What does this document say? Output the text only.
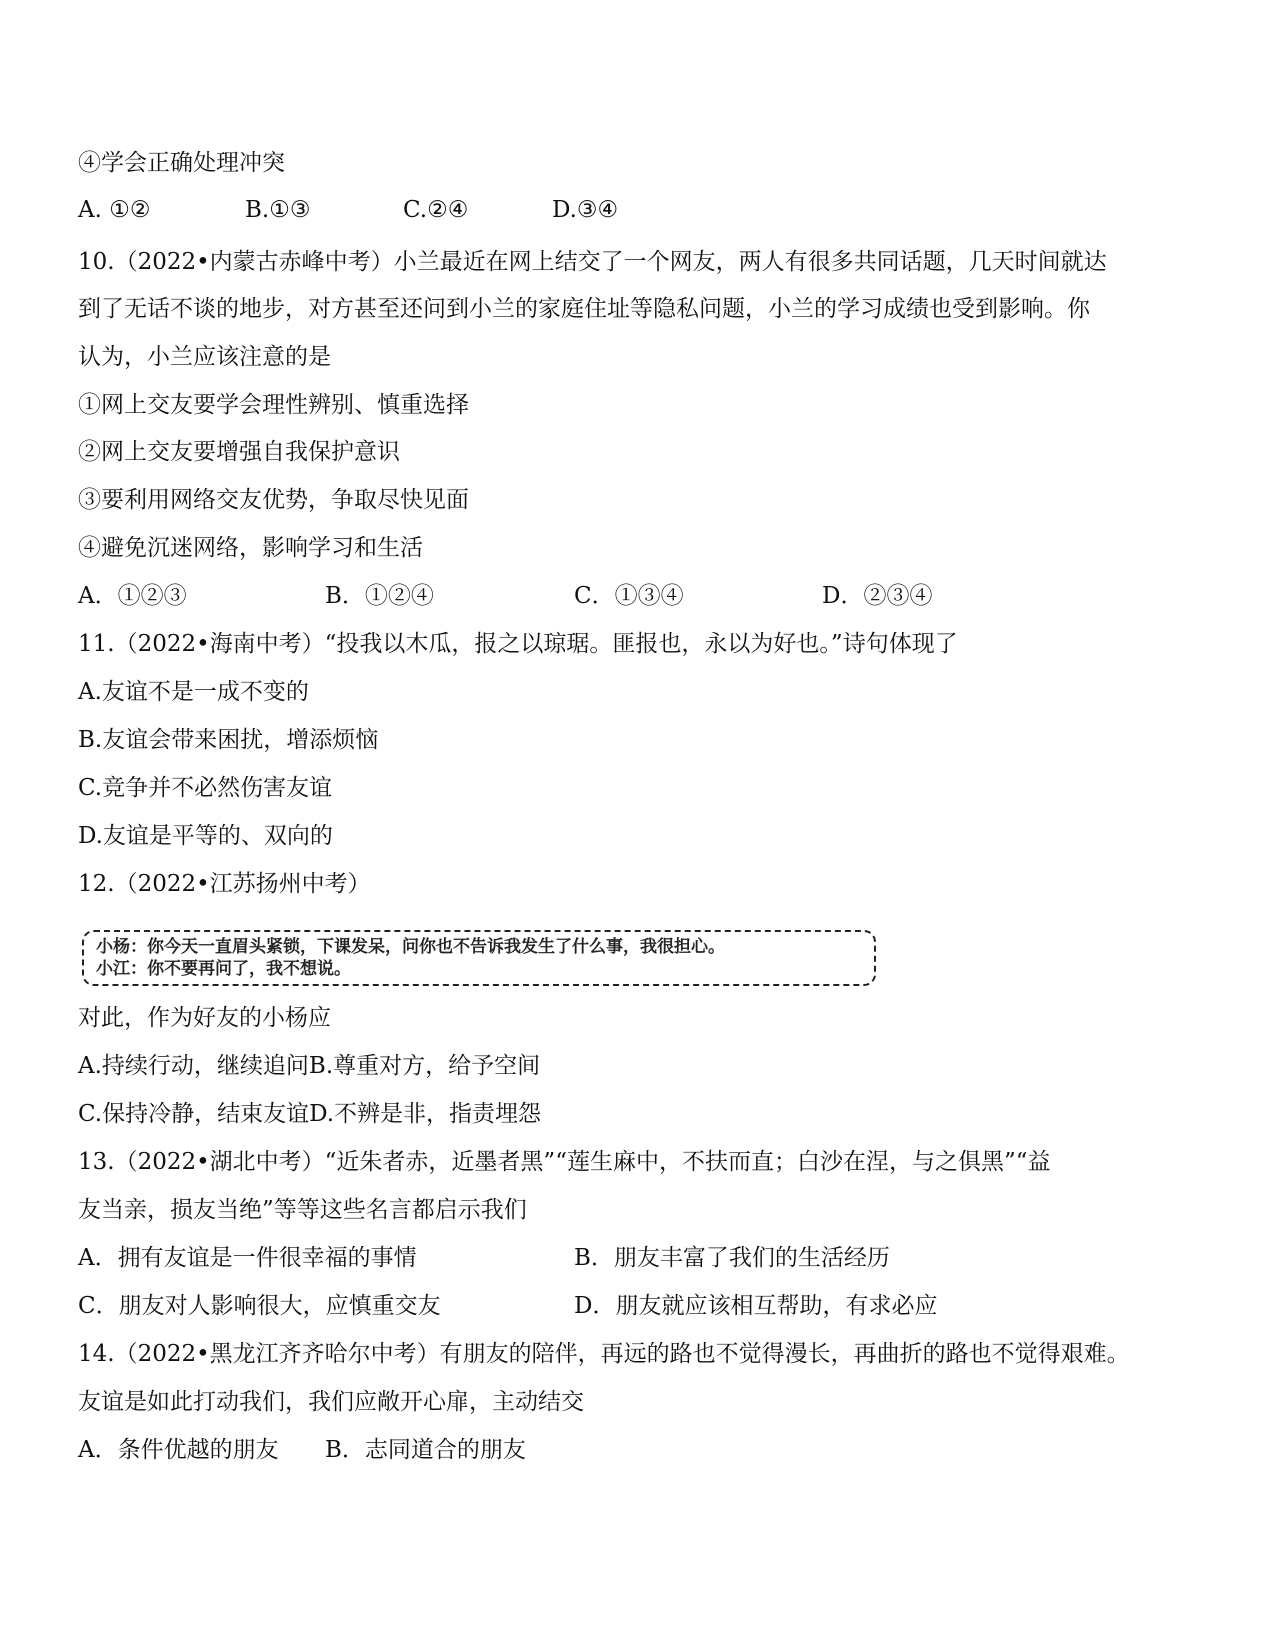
④学会正确处理冲突
A. ①②	B.①③	C.②④	D.③④
10.（2022•内蒙古赤峰中考）小兰最近在网上结交了一个网友，两人有很多共同话题，几天时间就达
到了无话不谈的地步，对方甚至还问到小兰的家庭住址等隐私问题，小兰的学习成绩也受到影响。你
认为，小兰应该注意的是
①网上交友要学会理性辨别、慎重选择
②网上交友要增强自我保护意识
③要利用网络交友优势，争取尽快见面
④避免沉迷网络，影响学习和生活
A．①②③	B．①②④	C．①③④	D．②③④
11.（2022•海南中考）“投我以木瓜，报之以琼琚。匪报也，永以为好也。”诗句体现了
A.友谊不是一成不变的
B.友谊会带来困扰，增添烦恼
C.竞争并不必然伤害友谊
D.友谊是平等的、双向的
12.（2022•江苏扬州中考）
小杨：你今天一直眉头紧锁，下课发呆，问你也不告诉我发生了什么事，我很担心。
小江：你不要再问了，我不想说。
对此，作为好友的小杨应
A.持续行动，继续追问B.尊重对方，给予空间
C.保持冷静，结束友谊D.不辨是非，指责埋怨
13.（2022•湖北中考）“近朱者赤，近墨者黑”“莲生麻中，不扶而直；白沙在涅，与之俱黑”“益
友当亲，损友当绝”等等这些名言都启示我们
A．拥有友谊是一件很幸福的事情	B．朋友丰富了我们的生活经历
C．朋友对人影响很大，应慎重交友	D．朋友就应该相互帮助，有求必应
14.（2022•黑龙江齐齐哈尔中考）有朋友的陪伴，再远的路也不觉得漫长，再曲折的路也不觉得艰难。
友谊是如此打动我们，我们应敞开心扉，主动结交
A．条件优越的朋友 B．志同道合的朋友
